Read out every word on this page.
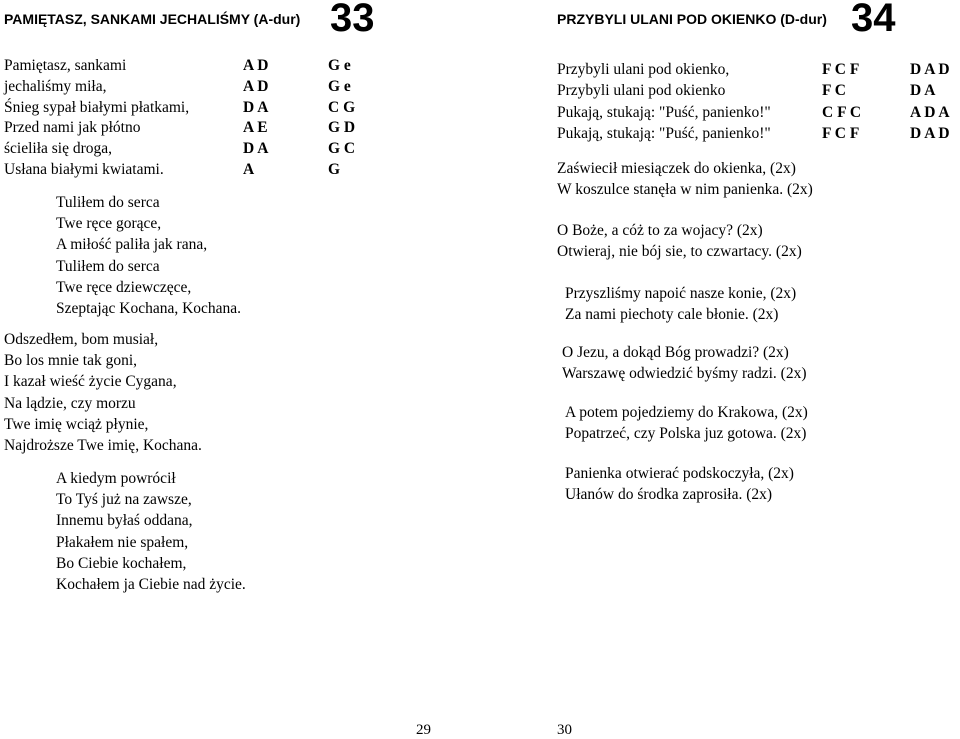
PAMIĘTASZ, SANKAMI JECHALIŚMY (A-dur) 33
Pamiętasz, sankami	A D	G e
jechaliśmy miła,	A D	G e
Śnieg sypał białymi płatkami,	D A	C G
Przed nami jak płótno	A E	G D
ścieliła się droga,	D A	G C
Usłana białymi kwiatami.	A	G
Tuliłem do serca
Twe ręce gorące,
A miłość paliła jak rana,
Tuliłem do serca
Twe ręce dziewczęce,
Szeptając Kochana, Kochana.
Odszedłem, bom musiał,
Bo los mnie tak goni,
I kazał wieść życie Cygana,
Na lądzie, czy morzu
Twe imię wciąż płynie,
Najdroższe Twe imię, Kochana.
A kiedym powrócił
To Tyś już na zawsze,
Innemu byłaś oddana,
Płakałem nie spałem,
Bo Ciebie kochałem,
Kochałem ja Ciebie nad życie.
29
PRZYBYLI ULANI POD OKIENKO (D-dur) 34
Przybyli ulani pod okienko,	F C F	D A D
Przybyli ulani pod okienko	F C	D A
Pukają, stukają: "Puść, panienko!"	C F C	A D A
Pukają, stukają: "Puść, panienko!"	F C F	D A D
Zaświecił miesiączek do okienka, (2x)
W koszulce stanęła w nim panienka. (2x)
O Boże, a cóż to za wojacy? (2x)
Otwieraj, nie bój sie, to czwartacy. (2x)
Przyszliśmy napoić nasze konie, (2x)
Za nami piechoty cale błonie. (2x)
O Jezu, a dokąd Bóg prowadzi? (2x)
Warszawę odwiedzić byśmy radzi. (2x)
A potem pojedziemy do Krakowa, (2x)
Popatrzeć, czy Polska juz gotowa. (2x)
Panienka otwierać podskoczyła, (2x)
Ułanów do środka zaprosiła. (2x)
30
